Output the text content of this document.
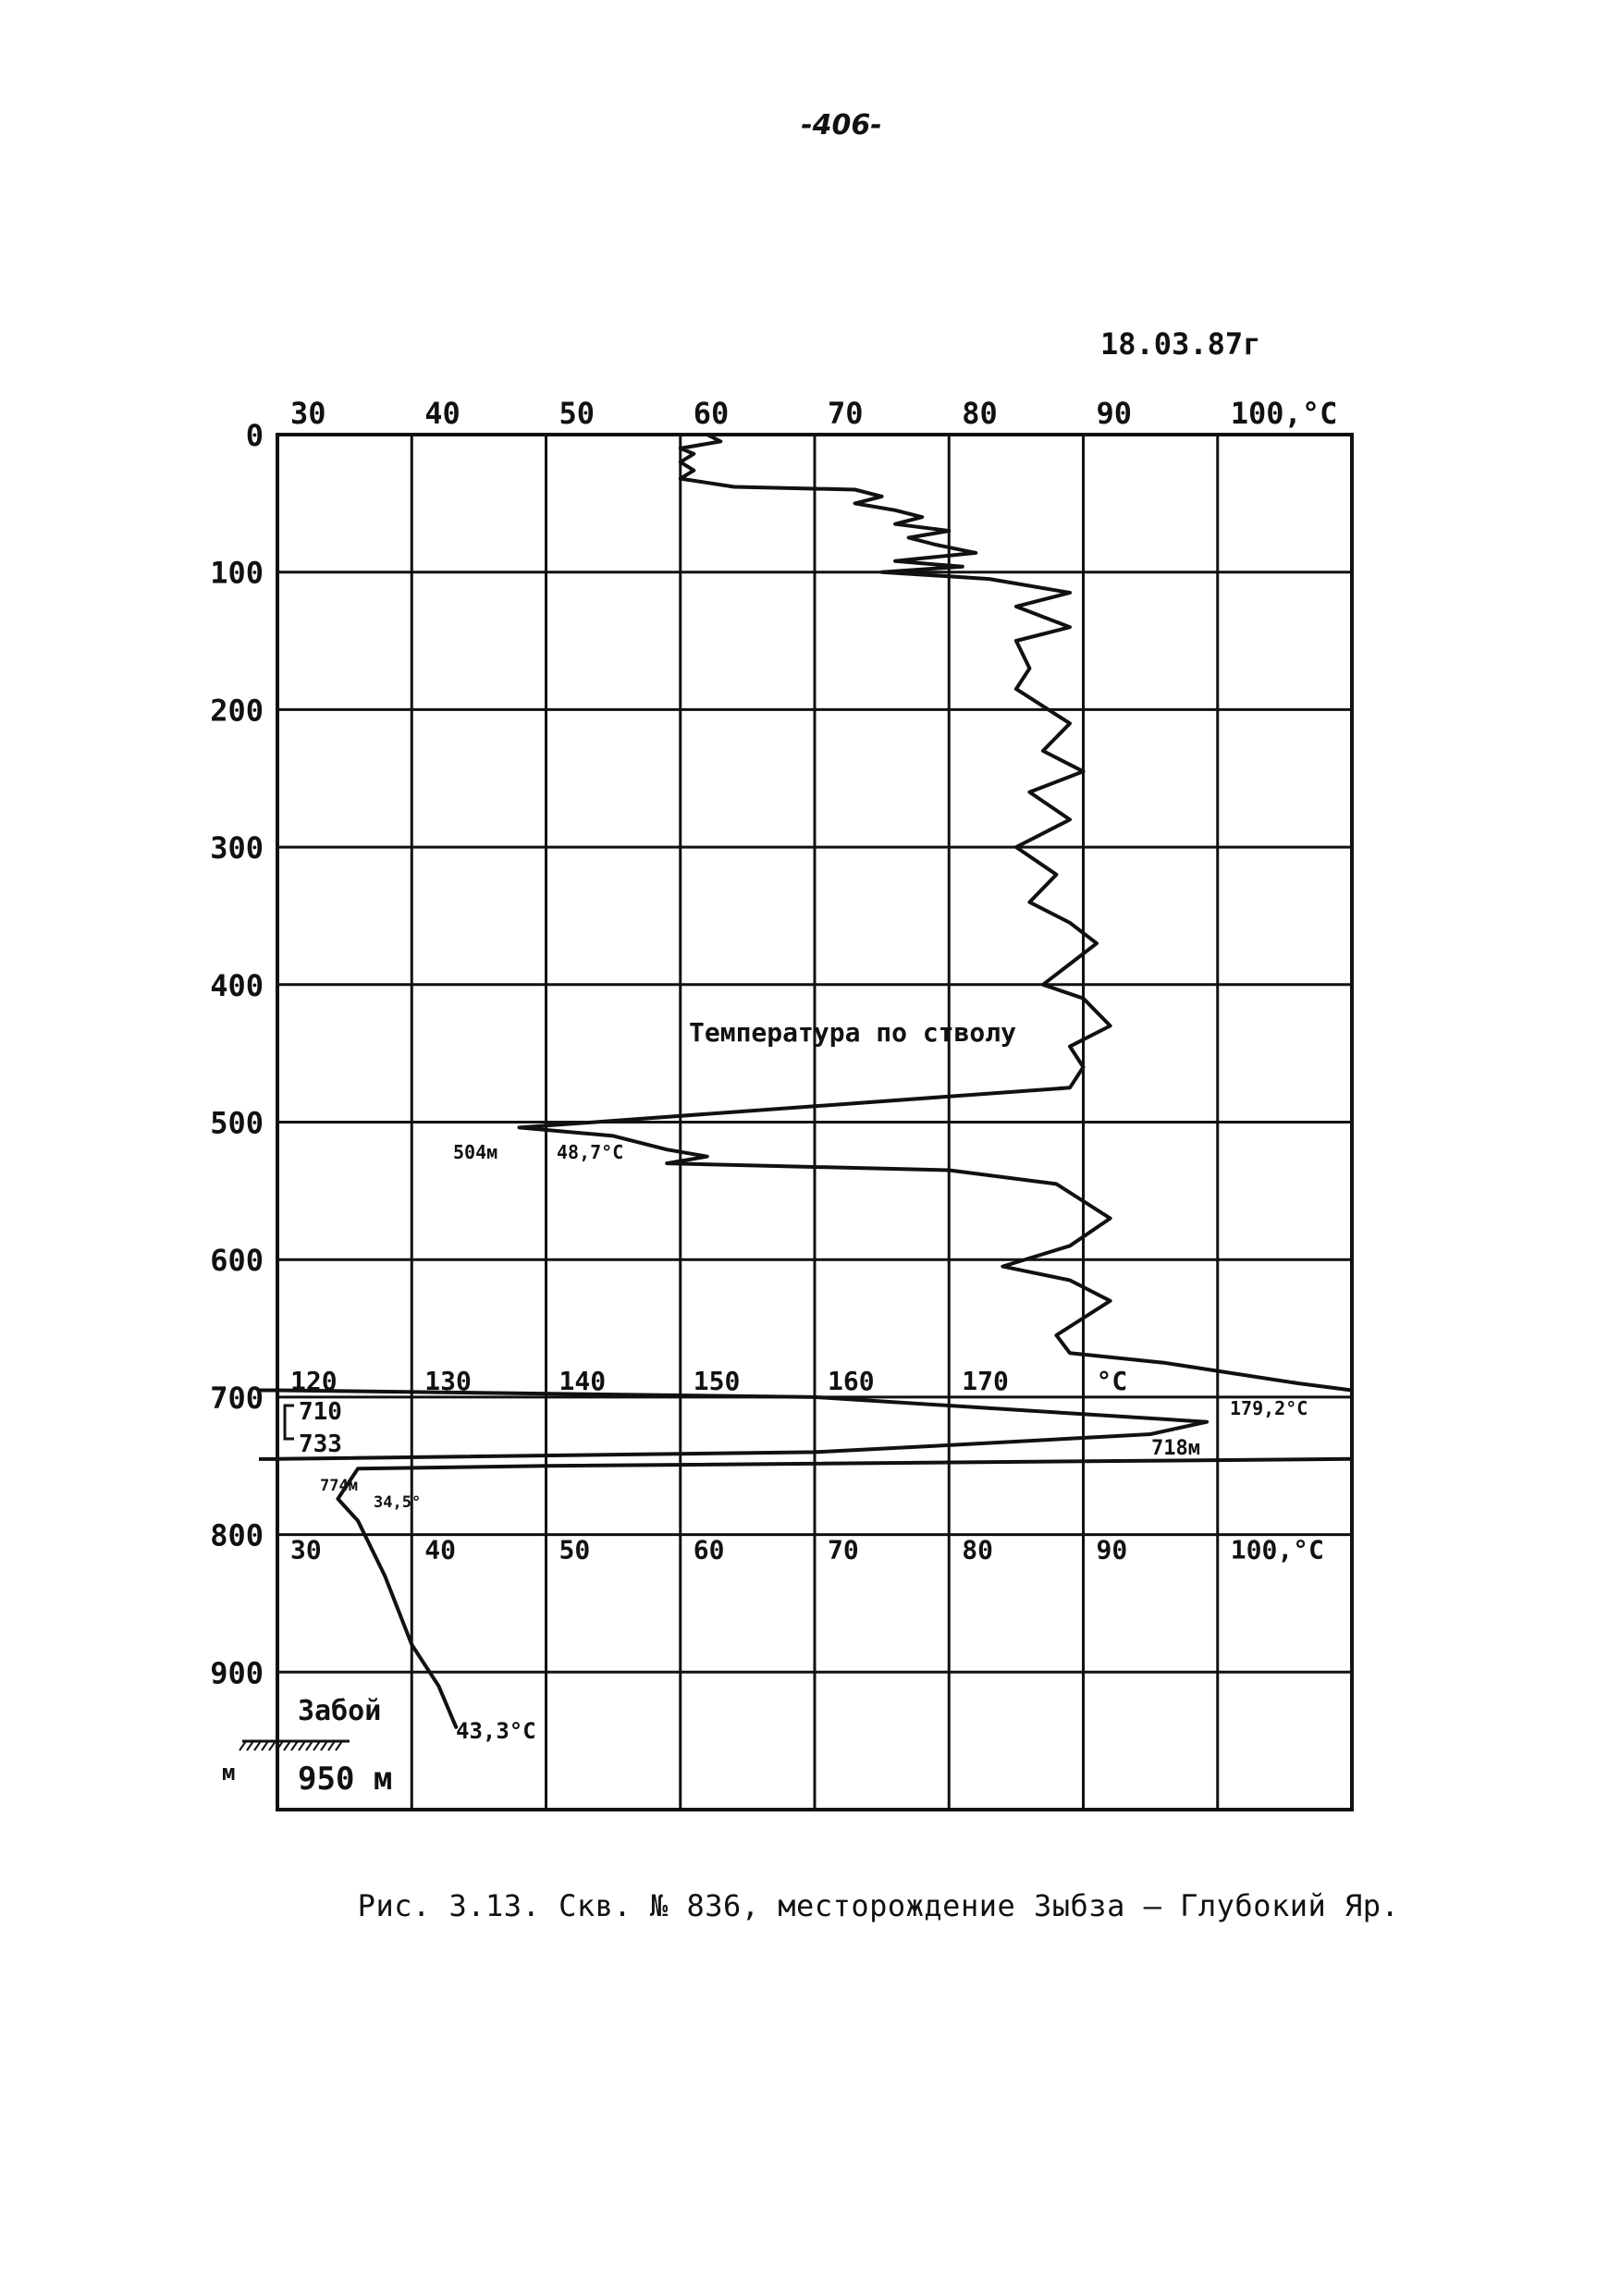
-406-
0
100
200
300
400
500
600
700
800
900
30	40	50	60	70	80	90	100,°С
120	130	140	150	160	170	°С
30	40	50	60	70	80	90	100,°С
18.03.87г
Температура по стволу
504м	48,7°С
179,2°С
718м
774м
34,5°
710
733
Забой
43,3°С
950 м
м
Рис. 3.13. Скв. № 836, месторождение Зыбза – Глубокий Яр.
